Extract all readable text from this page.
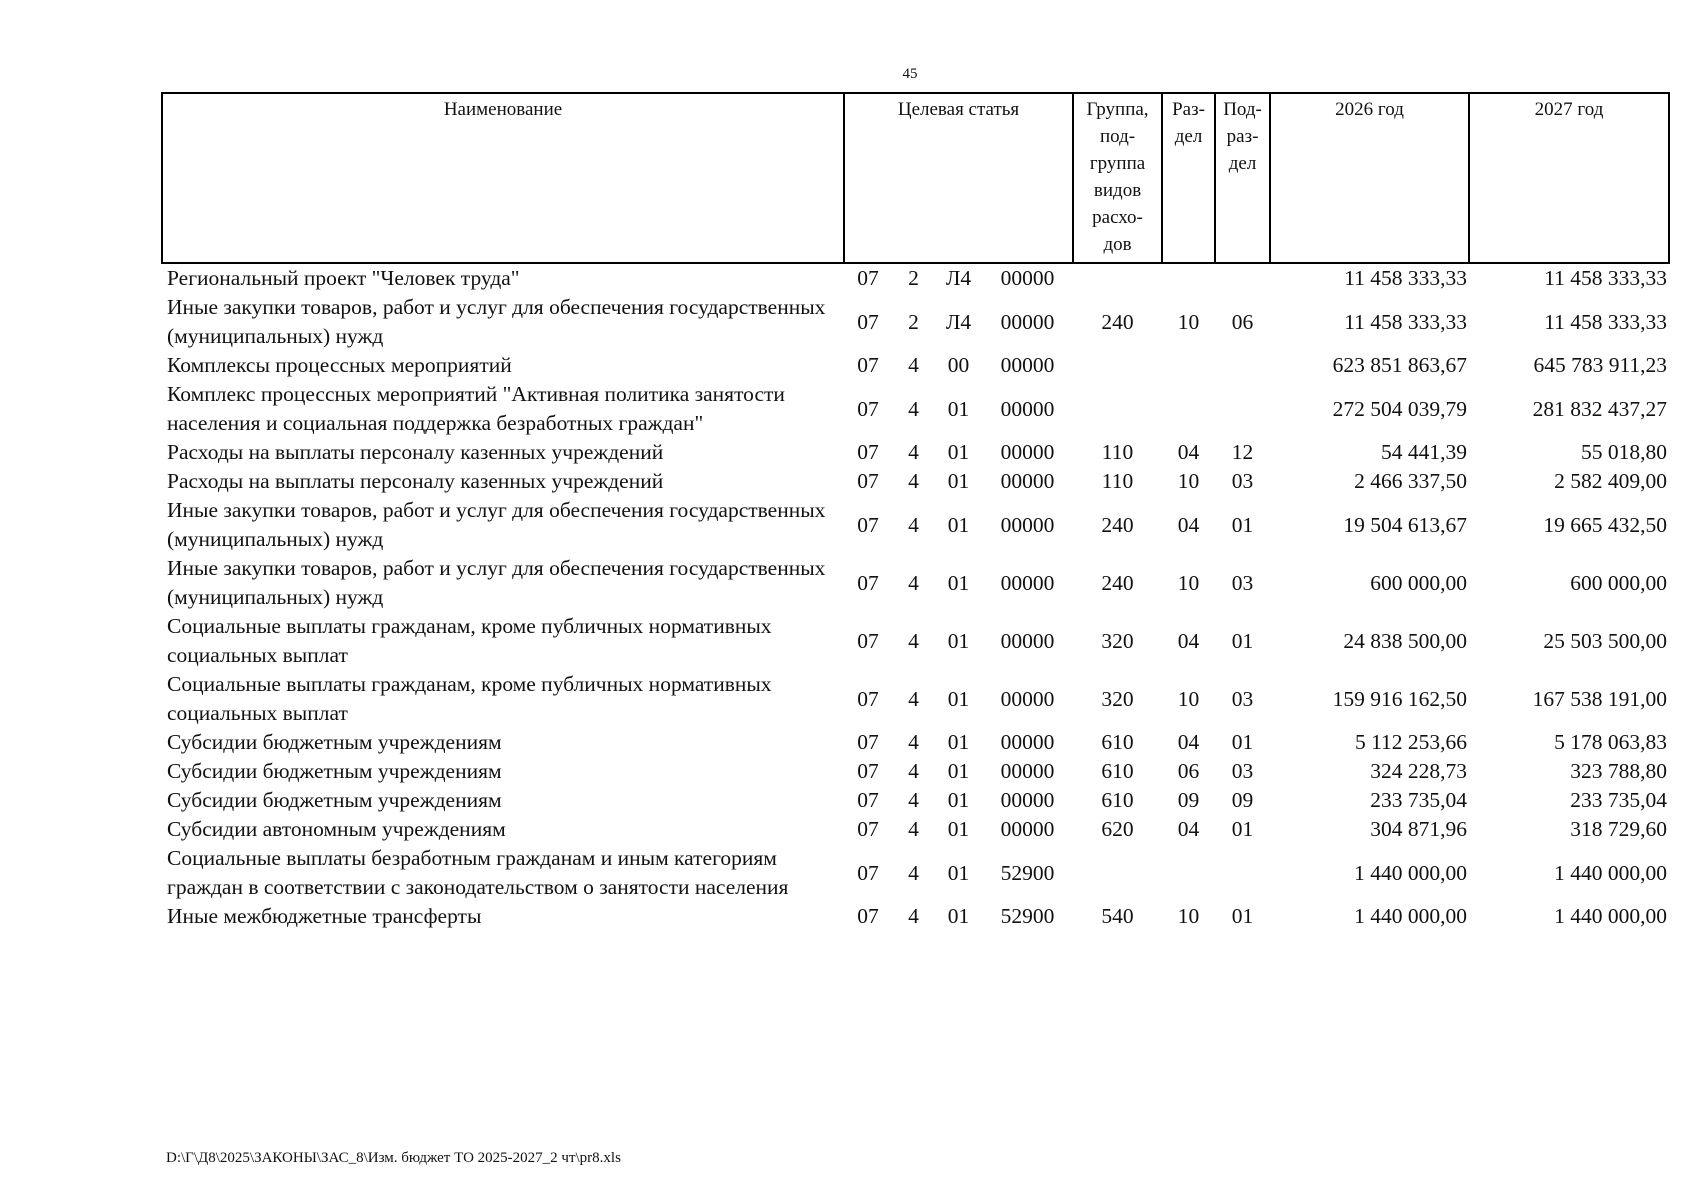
45
Наименование	Целевая статья				Группа, под- группа видов расхо- дов	Раз- дел	Под- раз- дел	2026 год	2027 год
Региональный проект "Человек труда"	07	2	Л4	00000				11 458 333,33	11 458 333,33
Иные закупки товаров, работ и услуг для обеспечения государственных (муниципальных) нужд	07	2	Л4	00000	240	10	06	11 458 333,33	11 458 333,33
Комплексы процессных мероприятий	07	4	00	00000				623 851 863,67	645 783 911,23
Комплекс процессных мероприятий "Активная политика занятости населения и социальная поддержка безработных граждан"	07	4	01	00000				272 504 039,79	281 832 437,27
Расходы на выплаты персоналу казенных учреждений	07	4	01	00000	110	04	12	54 441,39	55 018,80
Расходы на выплаты персоналу казенных учреждений	07	4	01	00000	110	10	03	2 466 337,50	2 582 409,00
Иные закупки товаров, работ и услуг для обеспечения государственных (муниципальных) нужд	07	4	01	00000	240	04	01	19 504 613,67	19 665 432,50
Иные закупки товаров, работ и услуг для обеспечения государственных (муниципальных) нужд	07	4	01	00000	240	10	03	600 000,00	600 000,00
Социальные выплаты гражданам, кроме публичных нормативных социальных выплат	07	4	01	00000	320	04	01	24 838 500,00	25 503 500,00
Социальные выплаты гражданам, кроме публичных нормативных социальных выплат	07	4	01	00000	320	10	03	159 916 162,50	167 538 191,00
Субсидии бюджетным учреждениям	07	4	01	00000	610	04	01	5 112 253,66	5 178 063,83
Субсидии бюджетным учреждениям	07	4	01	00000	610	06	03	324 228,73	323 788,80
Субсидии бюджетным учреждениям	07	4	01	00000	610	09	09	233 735,04	233 735,04
Субсидии автономным учреждениям	07	4	01	00000	620	04	01	304 871,96	318 729,60
Социальные выплаты безработным гражданам и иным категориям граждан в соответствии с законодательством о занятости населения	07	4	01	52900				1 440 000,00	1 440 000,00
Иные межбюджетные трансферты	07	4	01	52900	540	10	01	1 440 000,00	1 440 000,00
D:\Г\Д8\2025\ЗАКОНЫ\ЗАС_8\Изм. бюджет ТО 2025-2027_2 чт\pr8.xls
